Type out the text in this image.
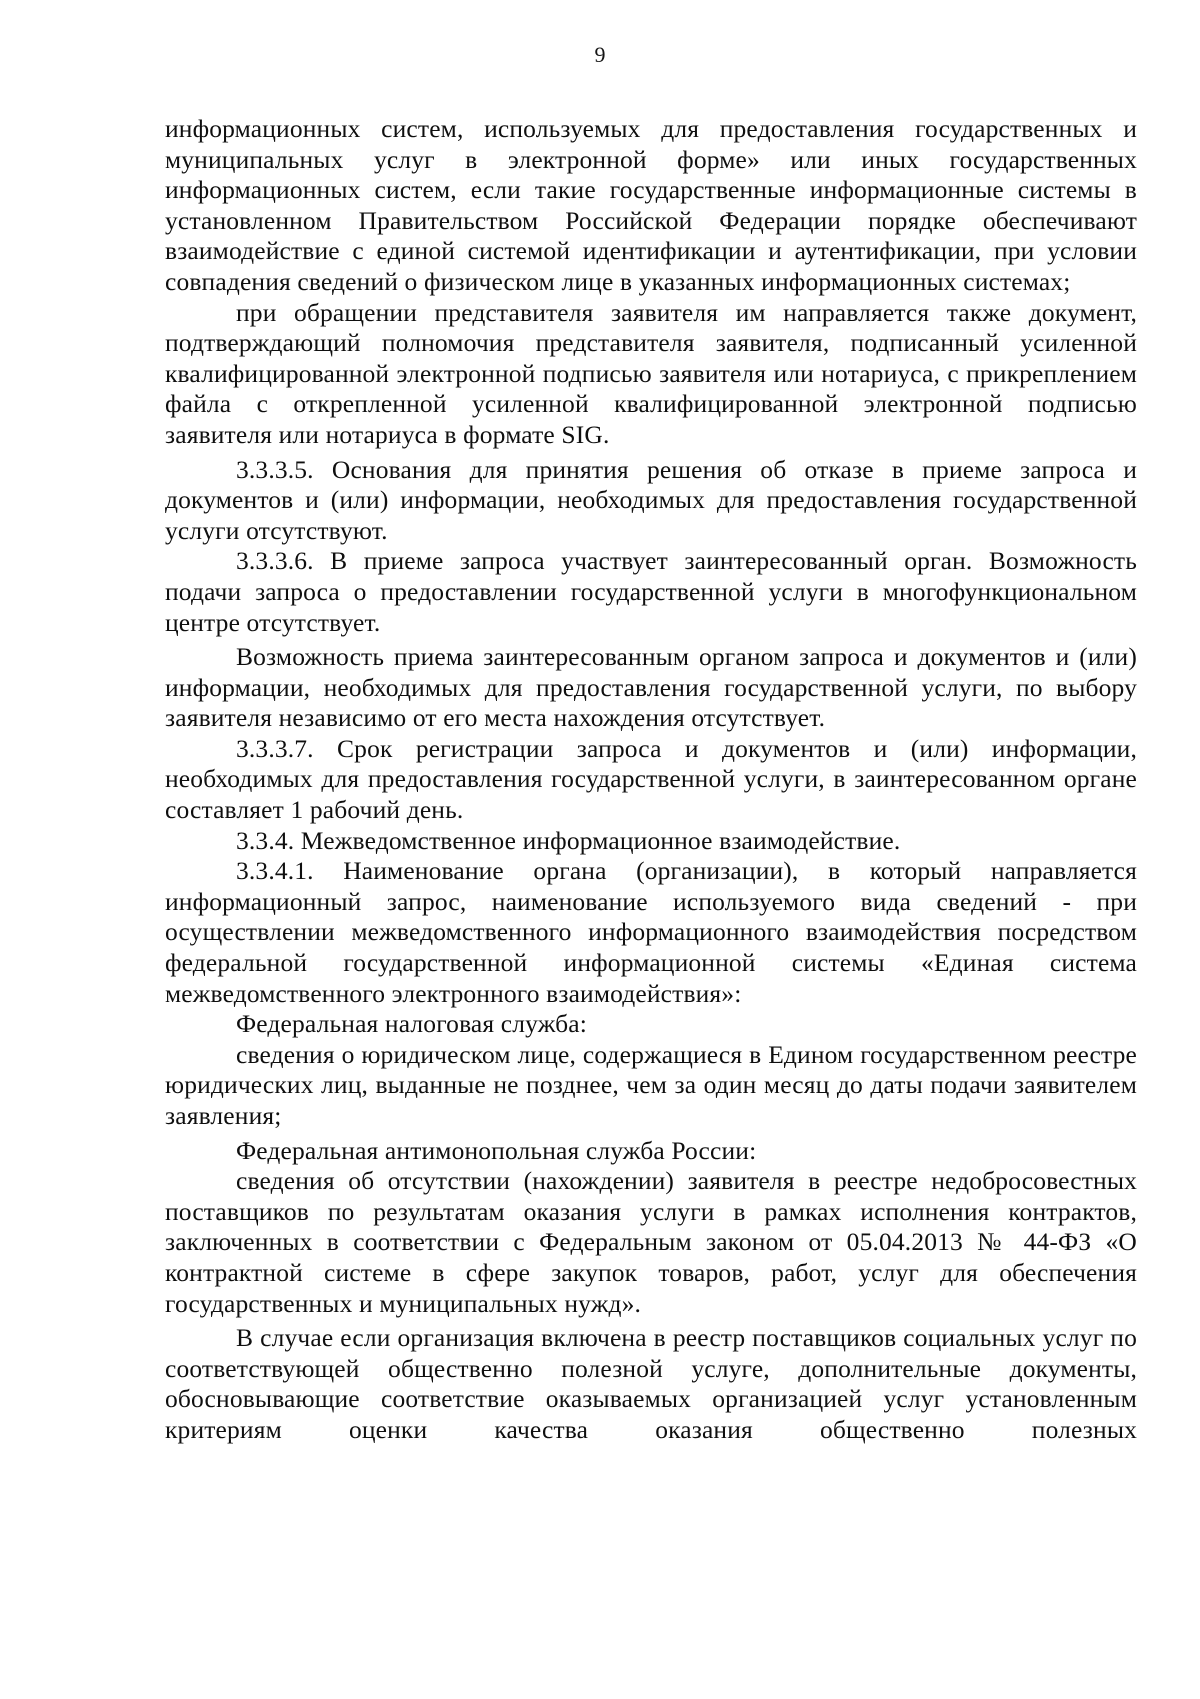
9

информационных систем, используемых для предоставления государственных и муниципальных услуг в электронной форме» или иных государственных информационных систем, если такие государственные информационные системы в установленном Правительством Российской Федерации порядке обеспечивают взаимодействие с единой системой идентификации и аутентификации, при условии совпадения сведений о физическом лице в указанных информационных системах;

при обращении представителя заявителя им направляется также документ, подтверждающий полномочия представителя заявителя, подписанный усиленной квалифицированной электронной подписью заявителя или нотариуса, с прикреплением файла с открепленной усиленной квалифицированной электронной подписью заявителя или нотариуса в формате SIG.

3.3.3.5. Основания для принятия решения об отказе в приеме запроса и документов и (или) информации, необходимых для предоставления государственной услуги отсутствуют.

3.3.3.6. В приеме запроса участвует заинтересованный орган. Возможность подачи запроса о предоставлении государственной услуги в многофункциональном центре отсутствует.

Возможность приема заинтересованным органом запроса и документов и (или) информации, необходимых для предоставления государственной услуги, по выбору заявителя независимо от его места нахождения отсутствует.

3.3.3.7. Срок регистрации запроса и документов и (или) информации, необходимых для предоставления государственной услуги, в заинтересованном органе составляет 1 рабочий день.

3.3.4. Межведомственное информационное взаимодействие.

3.3.4.1. Наименование органа (организации), в который направляется информационный запрос, наименование используемого вида сведений - при осуществлении межведомственного информационного взаимодействия посредством федеральной государственной информационной системы «Единая система межведомственного электронного взаимодействия»:

Федеральная налоговая служба:

сведения о юридическом лице, содержащиеся в Едином государственном реестре юридических лиц, выданные не позднее, чем за один месяц до даты подачи заявителем заявления;

Федеральная антимонопольная служба России:

сведения об отсутствии (нахождении) заявителя в реестре недобросовестных поставщиков по результатам оказания услуги в рамках исполнения контрактов, заключенных в соответствии с Федеральным законом от 05.04.2013 № 44-ФЗ «О контрактной системе в сфере закупок товаров, работ, услуг для обеспечения государственных и муниципальных нужд».

В случае если организация включена в реестр поставщиков социальных услуг по соответствующей общественно полезной услуге, дополнительные документы, обосновывающие соответствие оказываемых организацией услуг установленным критериям оценки качества оказания общественно полезных
